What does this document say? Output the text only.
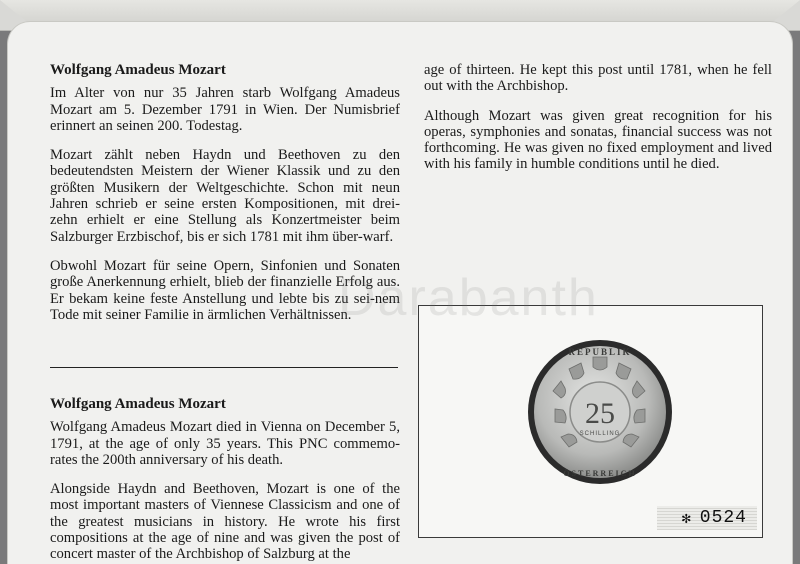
Wolfgang Amadeus Mozart

Im Alter von nur 35 Jahren starb Wolfgang Amadeus Mozart am 5. Dezember 1791 in Wien. Der Numisbrief erinnert an seinen 200. Todestag.

Mozart zählt neben Haydn und Beethoven zu den bedeutendsten Meistern der Wiener Klassik und zu den größten Musikern der Weltgeschichte. Schon mit neun Jahren schrieb er seine ersten Kompositionen, mit drei-zehn erhielt er eine Stellung als Konzertmeister beim Salzburger Erzbischof, bis er sich 1781 mit ihm über-warf.

Obwohl Mozart für seine Opern, Sinfonien und Sonaten große Anerkennung erhielt, blieb der finanzielle Erfolg aus. Er bekam keine feste Anstellung und lebte bis zu sei-nem Tode mit seiner Familie in ärmlichen Verhältnissen.

Wolfgang Amadeus Mozart

Wolfgang Amadeus Mozart died in Vienna on December 5, 1791, at the age of only 35 years. This PNC commemo-rates the 200th anniversary of his death.

Alongside Haydn and Beethoven, Mozart is one of the most important masters of Viennese Classicism and one of the greatest musicians in history. He wrote his first compositions at the age of nine and was given the post of concert master of the Archbishop of Salzburg at the

age of thirteen. He kept this post until 1781, when he fell out with the Archbishop.

Although Mozart was given great recognition for his operas, symphonies and sonatas, financial success was not forthcoming. He was given no fixed employment and lived with his family in humble conditions until he died.

REPUBLIK
ÖSTERREICH
25
SCHILLING
✻ 0524
Darabanth
